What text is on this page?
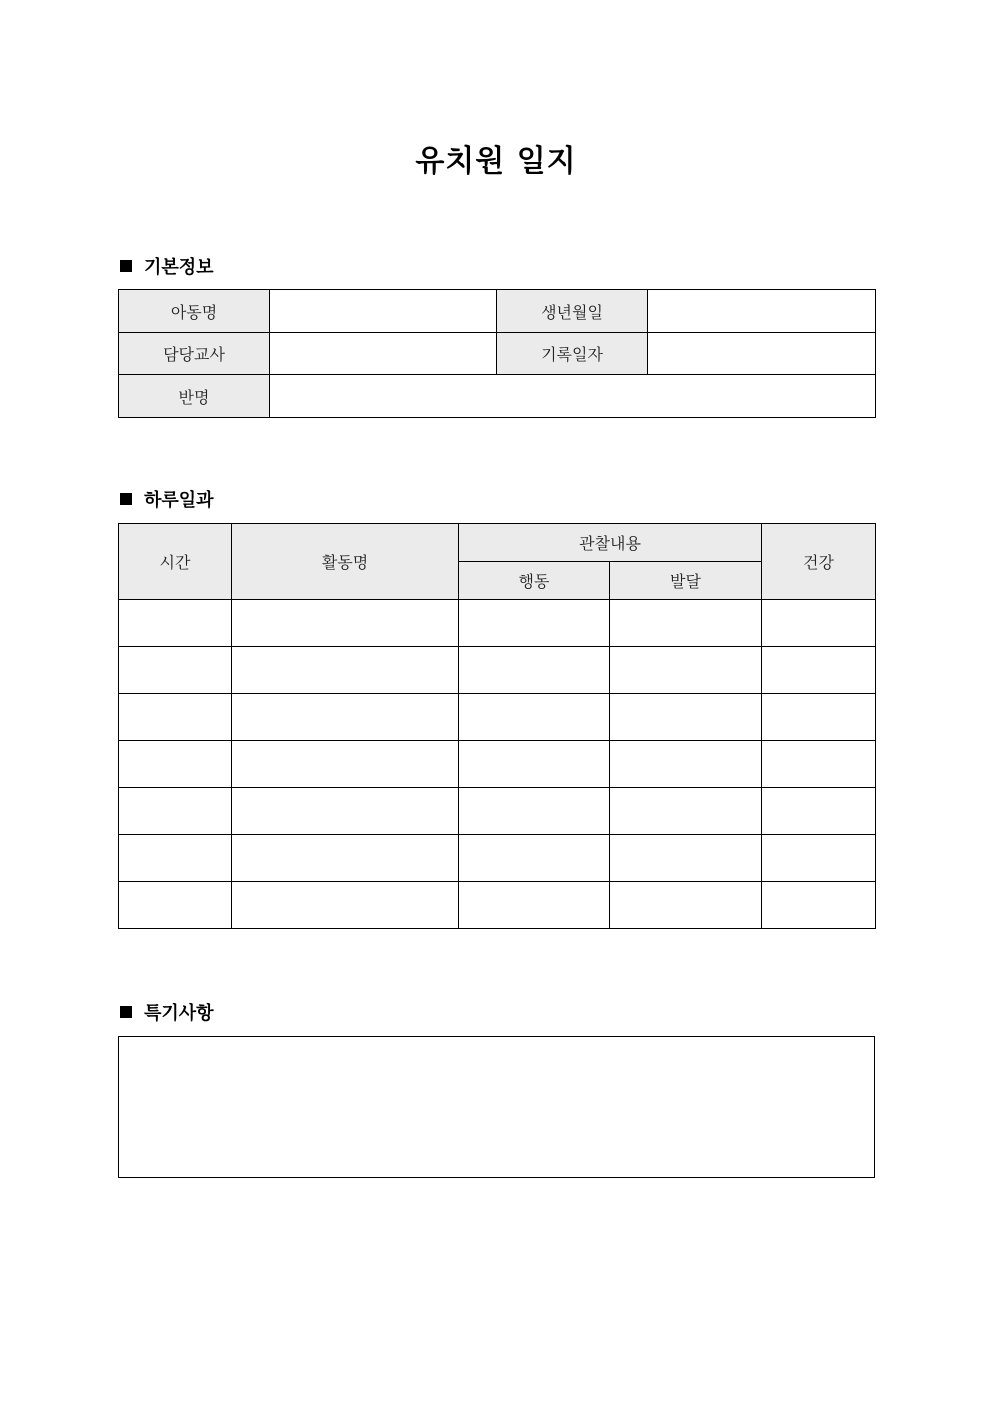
유치원 일지
기본정보
아동명		생년월일	
담당교사		기록일자	
반명			
하루일과
시간	활동명	관찰내용		건강
		행동	발달	

특기사항
